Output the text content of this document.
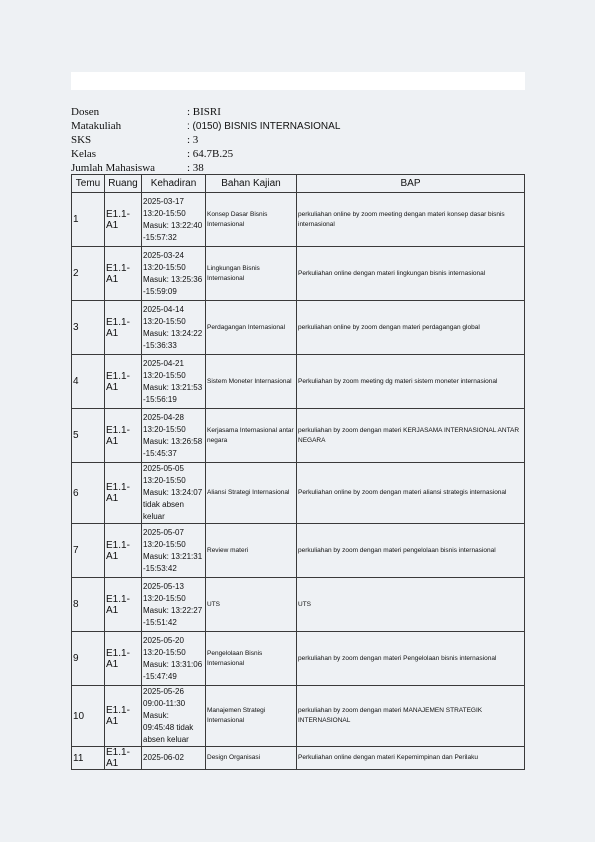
Dosen	: BISRI
Matakuliah	: (0150) BISNIS INTERNASIONAL
SKS	: 3
Kelas	: 64.7B.25
Jumlah Mahasiswa	: 38
Temu	Ruang	Kehadiran	Bahan Kajian	BAP
1	E1.1-A1	2025-03-17
13:20-15:50
Masuk: 13:22:40
-15:57:32	Konsep Dasar Bisnis Internasional	perkuliahan online by zoom meeting dengan materi konsep dasar bisnis internasional
2	E1.1-A1	2025-03-24
13:20-15:50
Masuk: 13:25:36
-15:59:09	Lingkungan Bisnis Internasional	Perkuliahan online dengan materi lingkungan bisnis internasional
3	E1.1-A1	2025-04-14
13:20-15:50
Masuk: 13:24:22
-15:36:33	Perdagangan Internasional	perkuliahan online by zoom dengan materi perdagangan global
4	E1.1-A1	2025-04-21
13:20-15:50
Masuk: 13:21:53
-15:56:19	Sistem Moneter Internasional	Perkuliahan by zoom meeting dg materi sistem moneter internasional
5	E1.1-A1	2025-04-28
13:20-15:50
Masuk: 13:26:58
-15:45:37	Kerjasama Internasional antar negara	perkuliahan by zoom dengan materi KERJASAMA INTERNASIONAL ANTAR NEGARA
6	E1.1-A1	2025-05-05
13:20-15:50
Masuk: 13:24:07
tidak absen
keluar	Aliansi Strategi Internasional	Perkuliahan online by zoom dengan materi aliansi strategis internasional
7	E1.1-A1	2025-05-07
13:20-15:50
Masuk: 13:21:31
-15:53:42	Review materi	perkuliahan by zoom dengan materi pengelolaan bisnis internasional
8	E1.1-A1	2025-05-13
13:20-15:50
Masuk: 13:22:27
-15:51:42	UTS	UTS
9	E1.1-A1	2025-05-20
13:20-15:50
Masuk: 13:31:06
-15:47:49	Pengelolaan Bisnis Internasional	perkuliahan by zoom dengan materi Pengelolaan bisnis internasional
10	E1.1-A1	2025-05-26
09:00-11:30
Masuk:
09:45:48 tidak
absen keluar	Manajemen Strategi Internasional	perkuliahan by zoom dengan materi MANAJEMEN STRATEGIK INTERNASIONAL
11	E1.1-A1	2025-06-02	Design Organisasi	Perkuliahan online dengan materi Kepemimpinan dan Perilaku
